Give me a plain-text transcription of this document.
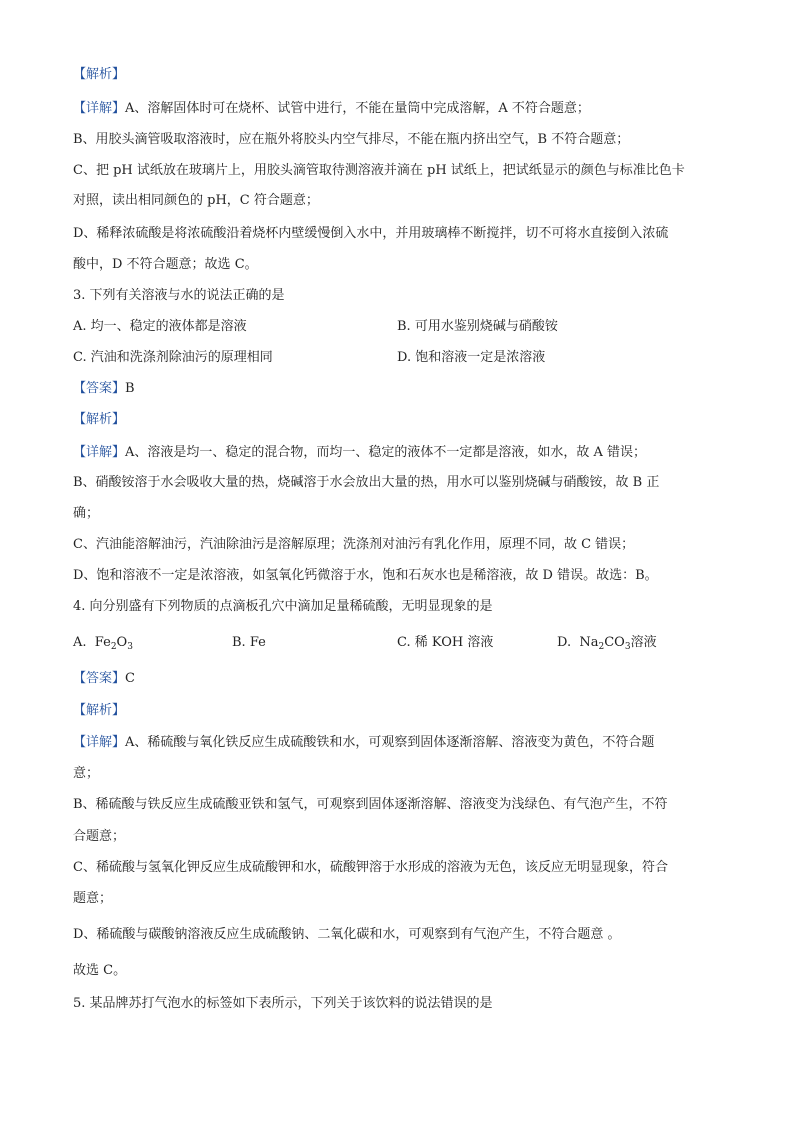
【解析】
【详解】A、溶解固体时可在烧杯、试管中进行，不能在量筒中完成溶解，A 不符合题意；
B、用胶头滴管吸取溶液时，应在瓶外将胶头内空气排尽，不能在瓶内挤出空气，B 不符合题意；
C、把 pH 试纸放在玻璃片上，用胶头滴管取待测溶液并滴在 pH 试纸上，把试纸显示的颜色与标准比色卡
对照，读出相同颜色的 pH，C 符合题意；
D、稀释浓硫酸是将浓硫酸沿着烧杯内壁缓慢倒入水中，并用玻璃棒不断搅拌，切不可将水直接倒入浓硫
酸中，D 不符合题意；故选 C。
3. 下列有关溶液与水的说法正确的是
A. 均一、稳定的液体都是溶液	B. 可用水鉴别烧碱与硝酸铵
C. 汽油和洗涤剂除油污的原理相同	D. 饱和溶液一定是浓溶液
【答案】B
【解析】
【详解】A、溶液是均一、稳定的混合物，而均一、稳定的液体不一定都是溶液，如水，故 A 错误；
B、硝酸铵溶于水会吸收大量的热，烧碱溶于水会放出大量的热，用水可以鉴别烧碱与硝酸铵，故 B 正
确；
C、汽油能溶解油污，汽油除油污是溶解原理；洗涤剂对油污有乳化作用，原理不同，故 C 错误；
D、饱和溶液不一定是浓溶液，如氢氧化钙微溶于水，饱和石灰水也是稀溶液，故 D 错误。故选：B。
4. 向分别盛有下列物质的点滴板孔穴中滴加足量稀硫酸，无明显现象的是
A. $Fe_2O_3$	B. Fe	C. 稀 KOH 溶液	D. $Na_2CO_3$溶液
【答案】C
【解析】
【详解】A、稀硫酸与氧化铁反应生成硫酸铁和水，可观察到固体逐渐溶解、溶液变为黄色，不符合题
意；
B、稀硫酸与铁反应生成硫酸亚铁和氢气，可观察到固体逐渐溶解、溶液变为浅绿色、有气泡产生，不符
合题意；
C、稀硫酸与氢氧化钾反应生成硫酸钾和水，硫酸钾溶于水形成的溶液为无色，该反应无明显现象，符合
题意；
D、稀硫酸与碳酸钠溶液反应生成硫酸钠、二氧化碳和水，可观察到有气泡产生，不符合题意 。
故选 C。
5. 某品牌苏打气泡水的标签如下表所示，下列关于该饮料的说法错误的是
